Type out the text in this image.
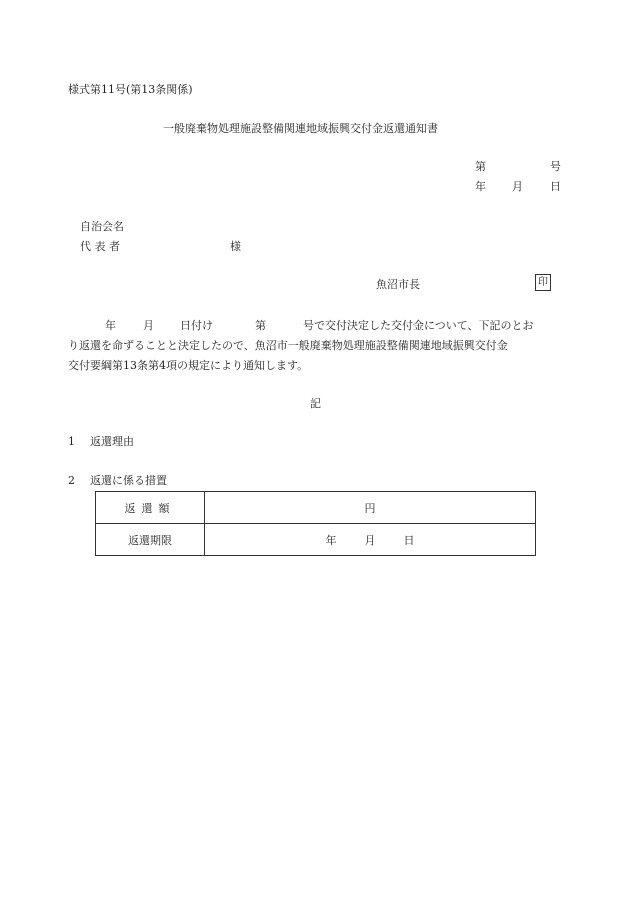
様式第11号(第13条関係)
一般廃棄物処理施設整備関連地域振興交付金返還通知書
第	号
年 月 日
自治会名
代 表 者	様
魚沼市長	印
年 月 日付け	第	号で交付決定した交付金について、下記のとお
り返還を命ずることと決定したので、魚沼市一般廃棄物処理施設整備関連地域振興交付金
交付要綱第13条第4項の規定により通知します。
記
1 返還理由
2 返還に係る措置
返還額	円
返還期限	年 月 日
